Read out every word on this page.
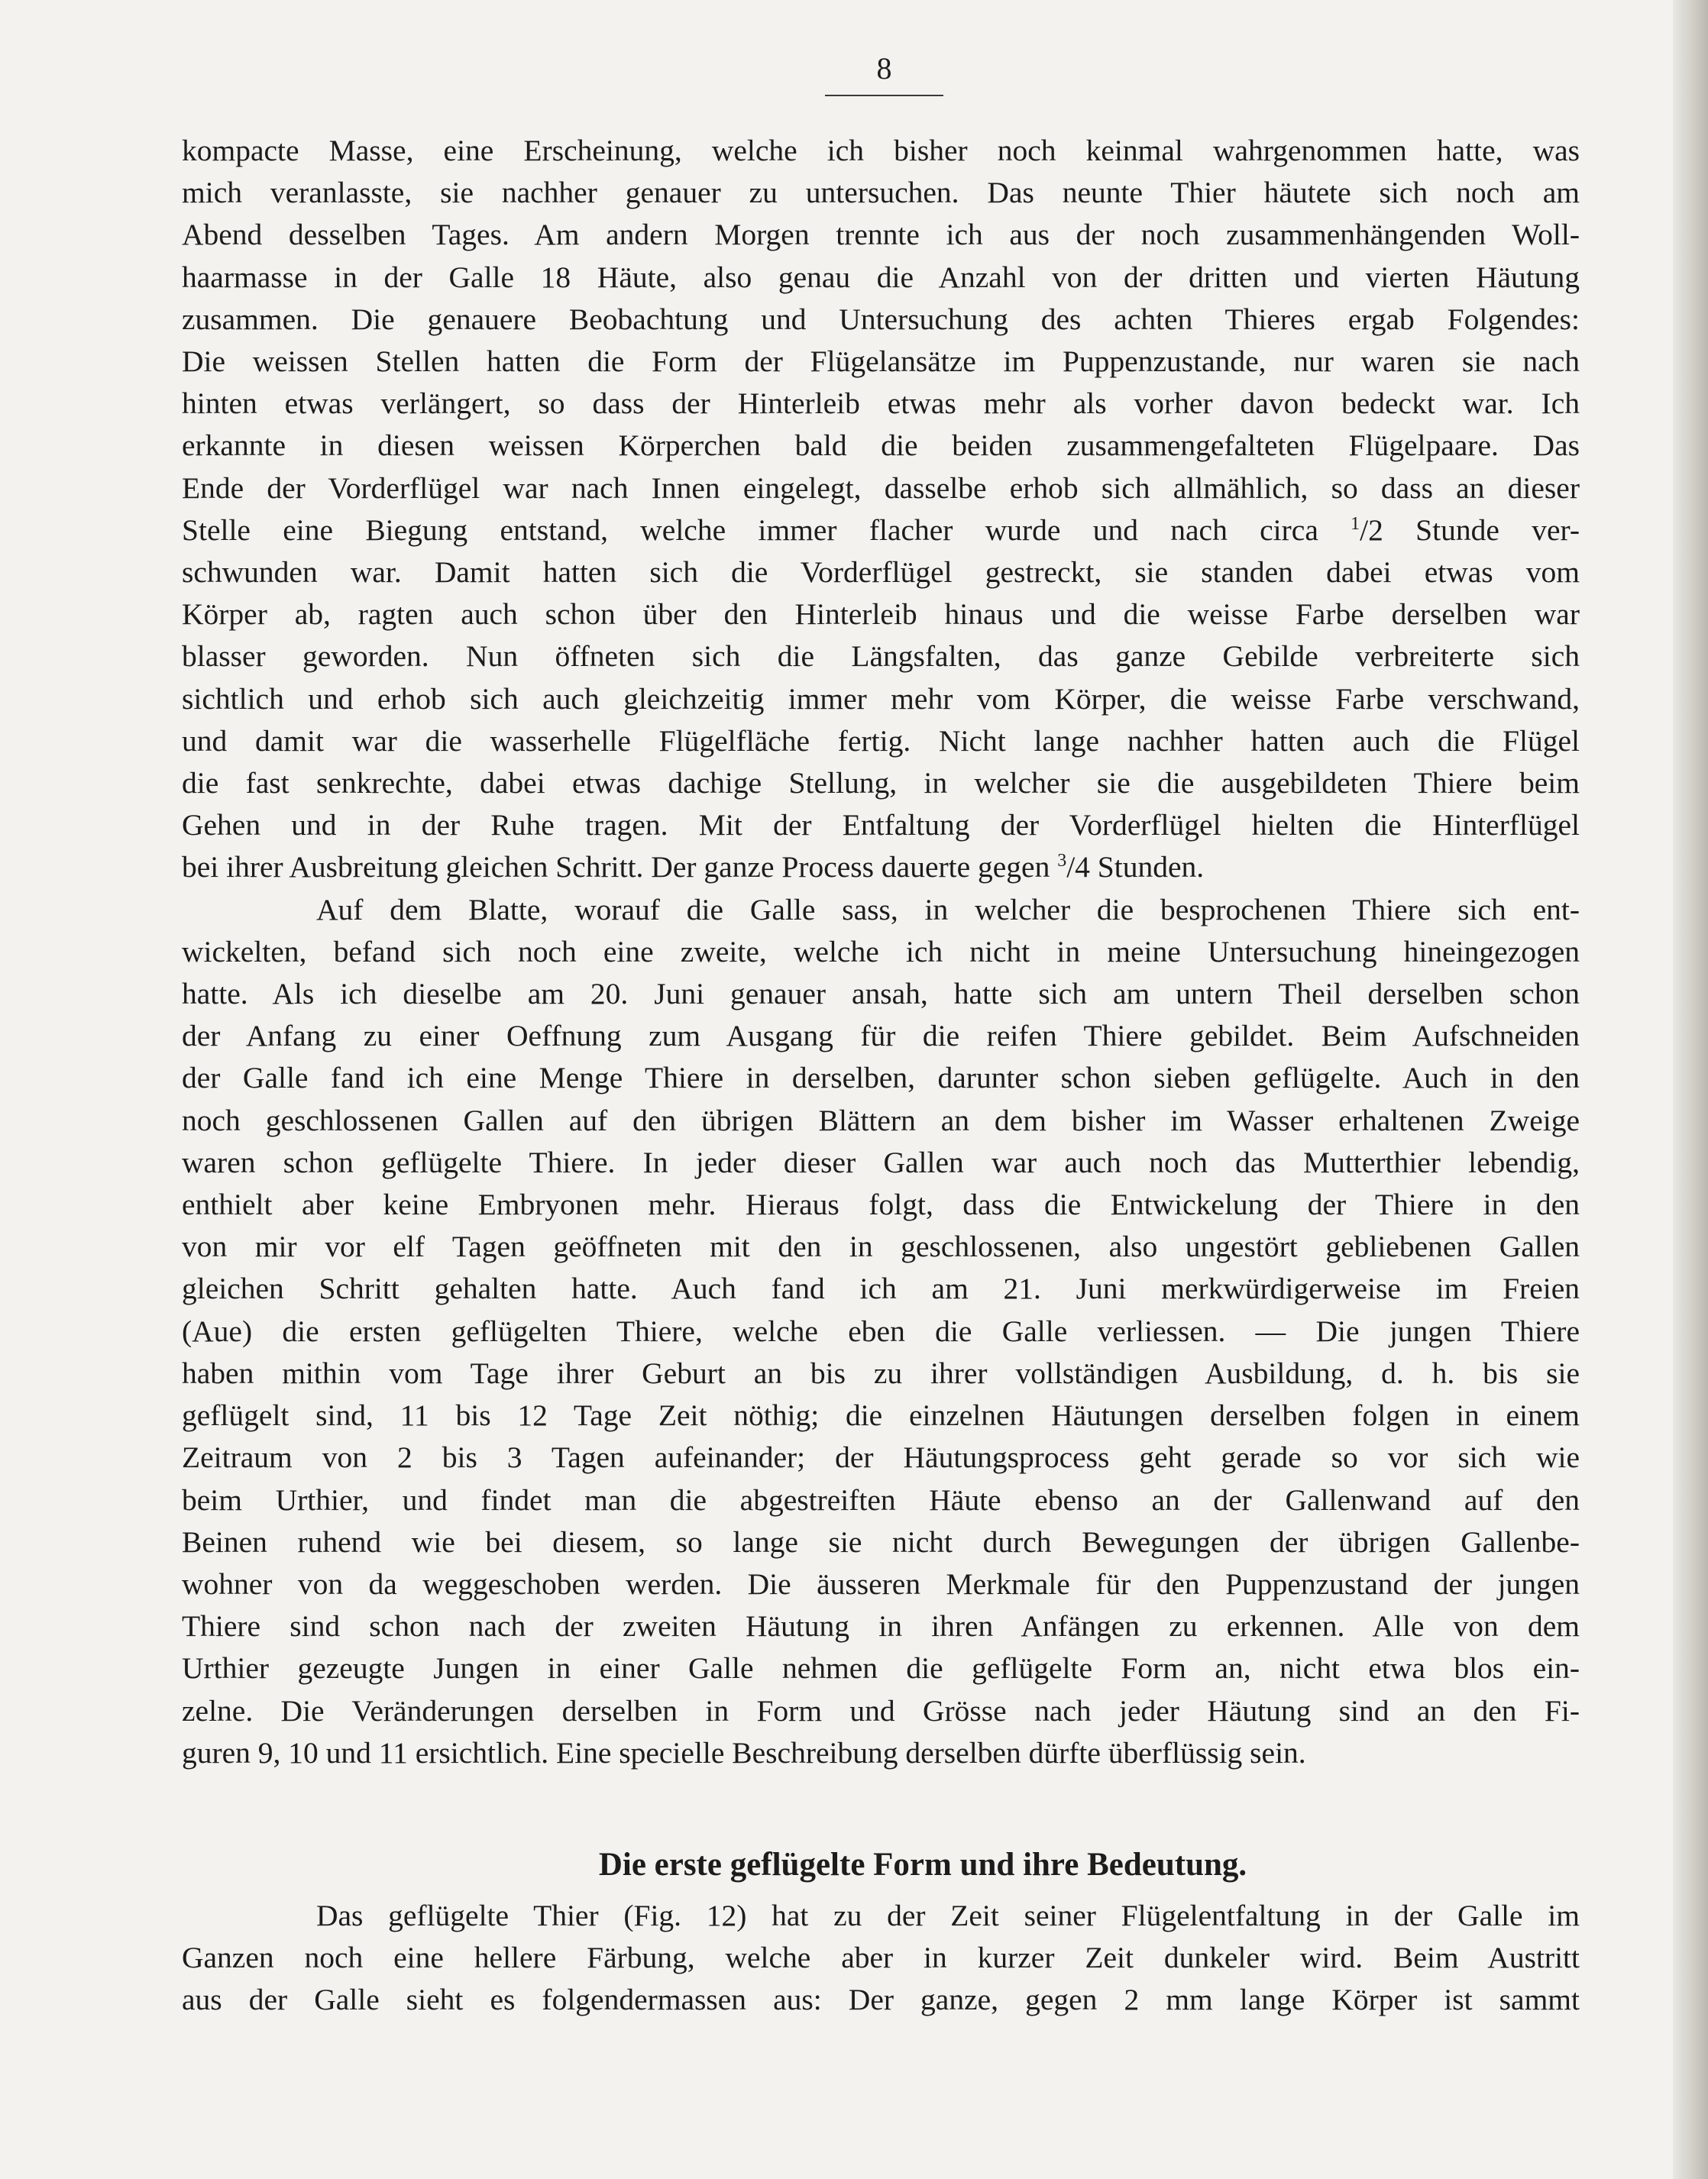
8
kompacte Masse, eine Erscheinung, welche ich bisher noch keinmal wahrgenommen hatte, was
mich veranlasste, sie nachher genauer zu untersuchen. Das neunte Thier häutete sich noch am
Abend desselben Tages. Am andern Morgen trennte ich aus der noch zusammenhängenden Woll-
haarmasse in der Galle 18 Häute, also genau die Anzahl von der dritten und vierten Häutung
zusammen. Die genauere Beobachtung und Untersuchung des achten Thieres ergab Folgendes:
Die weissen Stellen hatten die Form der Flügelansätze im Puppenzustande, nur waren sie nach
hinten etwas verlängert, so dass der Hinterleib etwas mehr als vorher davon bedeckt war. Ich
erkannte in diesen weissen Körperchen bald die beiden zusammengefalteten Flügelpaare. Das
Ende der Vorderflügel war nach Innen eingelegt, dasselbe erhob sich allmählich, so dass an dieser
Stelle eine Biegung entstand, welche immer flacher wurde und nach circa $^1$/2 Stunde ver-
schwunden war. Damit hatten sich die Vorderflügel gestreckt, sie standen dabei etwas vom
Körper ab, ragten auch schon über den Hinterleib hinaus und die weisse Farbe derselben war
blasser geworden. Nun öffneten sich die Längsfalten, das ganze Gebilde verbreiterte sich
sichtlich und erhob sich auch gleichzeitig immer mehr vom Körper, die weisse Farbe verschwand,
und damit war die wasserhelle Flügelfläche fertig. Nicht lange nachher hatten auch die Flügel
die fast senkrechte, dabei etwas dachige Stellung, in welcher sie die ausgebildeten Thiere beim
Gehen und in der Ruhe tragen. Mit der Entfaltung der Vorderflügel hielten die Hinterflügel
bei ihrer Ausbreitung gleichen Schritt. Der ganze Process dauerte gegen $^3$/4 Stunden.
Auf dem Blatte, worauf die Galle sass, in welcher die besprochenen Thiere sich ent-
wickelten, befand sich noch eine zweite, welche ich nicht in meine Untersuchung hineingezogen
hatte. Als ich dieselbe am 20. Juni genauer ansah, hatte sich am untern Theil derselben schon
der Anfang zu einer Oeffnung zum Ausgang für die reifen Thiere gebildet. Beim Aufschneiden
der Galle fand ich eine Menge Thiere in derselben, darunter schon sieben geflügelte. Auch in den
noch geschlossenen Gallen auf den übrigen Blättern an dem bisher im Wasser erhaltenen Zweige
waren schon geflügelte Thiere. In jeder dieser Gallen war auch noch das Mutterthier lebendig,
enthielt aber keine Embryonen mehr. Hieraus folgt, dass die Entwickelung der Thiere in den
von mir vor elf Tagen geöffneten mit den in geschlossenen, also ungestört gebliebenen Gallen
gleichen Schritt gehalten hatte. Auch fand ich am 21. Juni merkwürdigerweise im Freien
(Aue) die ersten geflügelten Thiere, welche eben die Galle verliessen. — Die jungen Thiere
haben mithin vom Tage ihrer Geburt an bis zu ihrer vollständigen Ausbildung, d. h. bis sie
geflügelt sind, 11 bis 12 Tage Zeit nöthig; die einzelnen Häutungen derselben folgen in einem
Zeitraum von 2 bis 3 Tagen aufeinander; der Häutungsprocess geht gerade so vor sich wie
beim Urthier, und findet man die abgestreiften Häute ebenso an der Gallenwand auf den
Beinen ruhend wie bei diesem, so lange sie nicht durch Bewegungen der übrigen Gallenbe-
wohner von da weggeschoben werden. Die äusseren Merkmale für den Puppenzustand der jungen
Thiere sind schon nach der zweiten Häutung in ihren Anfängen zu erkennen. Alle von dem
Urthier gezeugte Jungen in einer Galle nehmen die geflügelte Form an, nicht etwa blos ein-
zelne. Die Veränderungen derselben in Form und Grösse nach jeder Häutung sind an den Fi-
guren 9, 10 und 11 ersichtlich. Eine specielle Beschreibung derselben dürfte überflüssig sein.
Die erste geflügelte Form und ihre Bedeutung.
Das geflügelte Thier (Fig. 12) hat zu der Zeit seiner Flügelentfaltung in der Galle im
Ganzen noch eine hellere Färbung, welche aber in kurzer Zeit dunkeler wird. Beim Austritt
aus der Galle sieht es folgendermassen aus: Der ganze, gegen 2 mm lange Körper ist sammt
